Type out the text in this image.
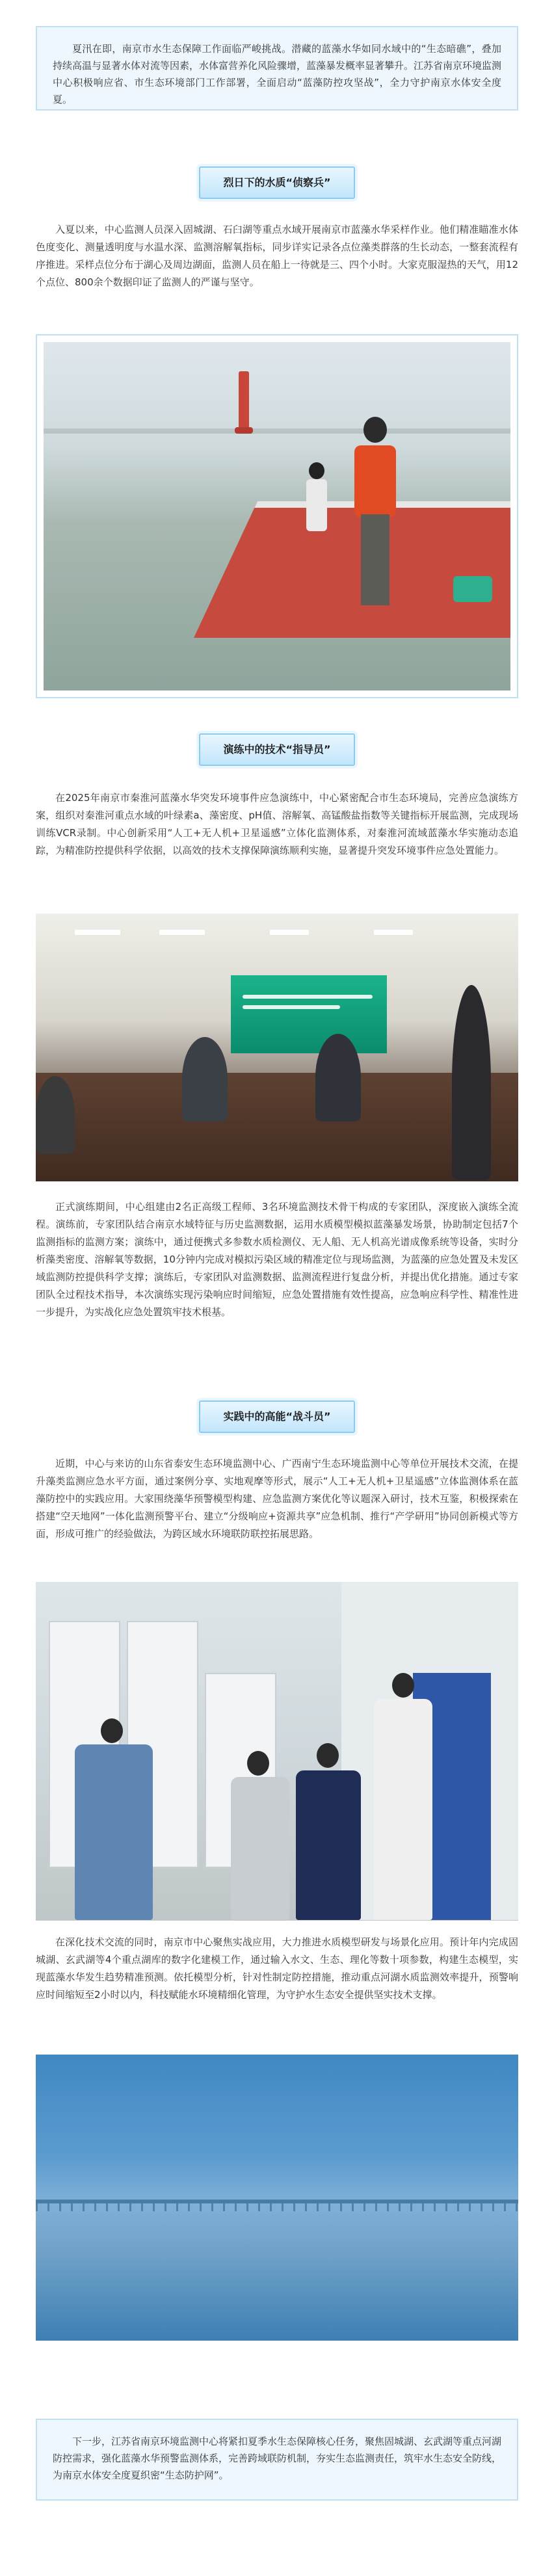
夏汛在即，南京市水生态保障工作面临严峻挑战。潜藏的蓝藻水华如同水域中的“生态暗礁”，叠加持续高温与显著水体对流等因素，水体富营养化风险骤增，蓝藻暴发概率显著攀升。江苏省南京环境监测中心积极响应省、市生态环境部门工作部署，全面启动“蓝藻防控攻坚战”，全力守护南京水体安全度夏。

烈日下的水质“侦察兵”

入夏以来，中心监测人员深入固城湖、石臼湖等重点水域开展南京市蓝藻水华采样作业。他们精准瞄准水体色度变化、测量透明度与水温水深、监测溶解氧指标，同步详实记录各点位藻类群落的生长动态，一整套流程有序推进。采样点位分布于湖心及周边湖面，监测人员在船上一待就是三、四个小时。大家克服湿热的天气，用12个点位、800余个数据印证了监测人的严谨与坚守。

演练中的技术“指导员”

在2025年南京市秦淮河蓝藻水华突发环境事件应急演练中，中心紧密配合市生态环境局，完善应急演练方案，组织对秦淮河重点水域的叶绿素a、藻密度、pH值、溶解氧、高锰酸盐指数等关键指标开展监测，完成现场训练VCR录制。中心创新采用“人工+无人机+卫星遥感”立体化监测体系，对秦淮河流域蓝藻水华实施动态追踪，为精准防控提供科学依据，以高效的技术支撑保障演练顺利实施，显著提升突发环境事件应急处置能力。

正式演练期间，中心组建由2名正高级工程师、3名环境监测技术骨干构成的专家团队，深度嵌入演练全流程。演练前，专家团队结合南京水域特征与历史监测数据，运用水质模型模拟蓝藻暴发场景，协助制定包括7个监测指标的监测方案；演练中，通过便携式多参数水质检测仪、无人船、无人机高光谱成像系统等设备，实时分析藻类密度、溶解氧等数据，10分钟内完成对模拟污染区域的精准定位与现场监测，为蓝藻的应急处置及未发区域监测防控提供科学支撑；演练后，专家团队对监测数据、监测流程进行复盘分析，并提出优化措施。通过专家团队全过程技术指导，本次演练实现污染响应时间缩短，应急处置措施有效性提高，应急响应科学性、精准性进一步提升，为实战化应急处置筑牢技术根基。

实践中的高能“战斗员”

近期，中心与来访的山东省泰安生态环境监测中心、广西南宁生态环境监测中心等单位开展技术交流，在提升藻类监测应急水平方面，通过案例分享、实地观摩等形式，展示“人工+无人机+卫星遥感”立体监测体系在蓝藻防控中的实践应用。大家围绕藻华预警模型构建、应急监测方案优化等议题深入研讨，技术互鉴，积极探索在搭建“空天地网”一体化监测预警平台、建立“分级响应+资源共享”应急机制、推行“产学研用”协同创新模式等方面，形成可推广的经验做法，为跨区域水环境联防联控拓展思路。

在深化技术交流的同时，南京市中心聚焦实战应用，大力推进水质模型研发与场景化应用。预计年内完成固城湖、玄武湖等4个重点湖库的数字化建模工作，通过输入水文、生态、理化等数十项参数，构建生态模型，实现蓝藻水华发生趋势精准预测。依托模型分析，针对性制定防控措施，推动重点河湖水质监测效率提升，预警响应时间缩短至2小时以内，科技赋能水环境精细化管理，为守护水生态安全提供坚实技术支撑。

下一步，江苏省南京环境监测中心将紧扣夏季水生态保障核心任务，聚焦固城湖、玄武湖等重点河湖防控需求，强化蓝藻水华预警监测体系，完善跨域联防机制，夯实生态监测责任，筑牢水生态安全防线，为南京水体安全度夏织密“生态防护网”。
